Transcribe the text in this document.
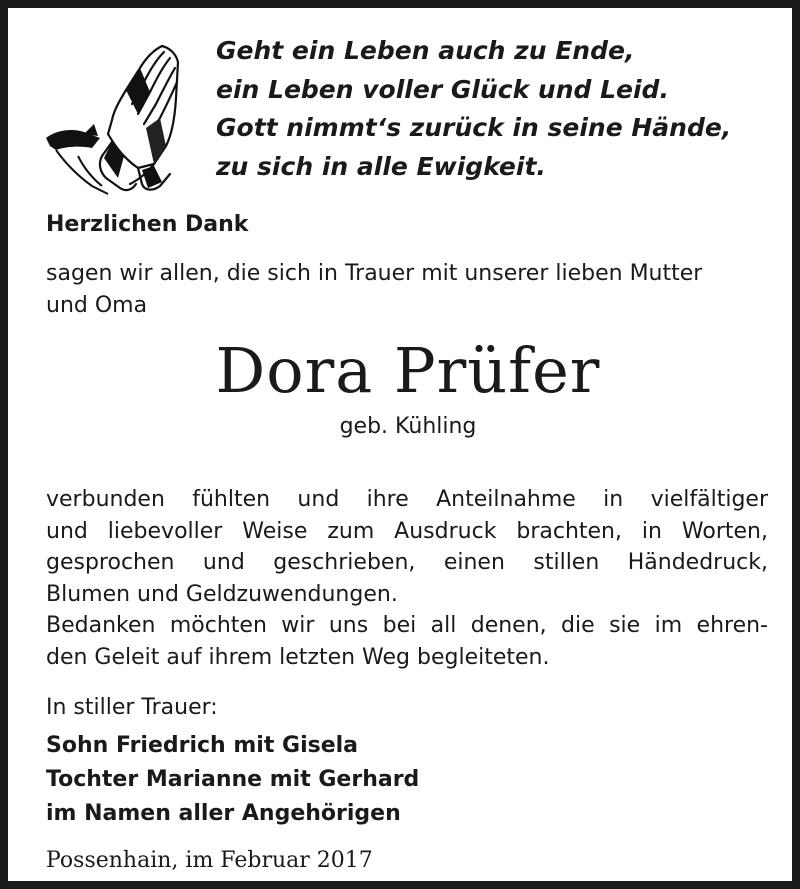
Geht ein Leben auch zu Ende,
ein Leben voller Glück und Leid.
Gott nimmt‘s zurück in seine Hände,
zu sich in alle Ewigkeit.
Herzlichen Dank
sagen wir allen, die sich in Trauer mit unserer lieben Mutter
und Oma
Dora Prüfer
geb. Kühling
verbunden fühlten und ihre Anteilnahme in vielfältiger
und liebevoller Weise zum Ausdruck brachten, in Worten,
gesprochen und geschrieben, einen stillen Händedruck,
Blumen und Geldzuwendungen.
Bedanken möchten wir uns bei all denen, die sie im ehren-
den Geleit auf ihrem letzten Weg begleiteten.
In stiller Trauer:
Sohn Friedrich mit Gisela
Tochter Marianne mit Gerhard
im Namen aller Angehörigen
Possenhain, im Februar 2017
